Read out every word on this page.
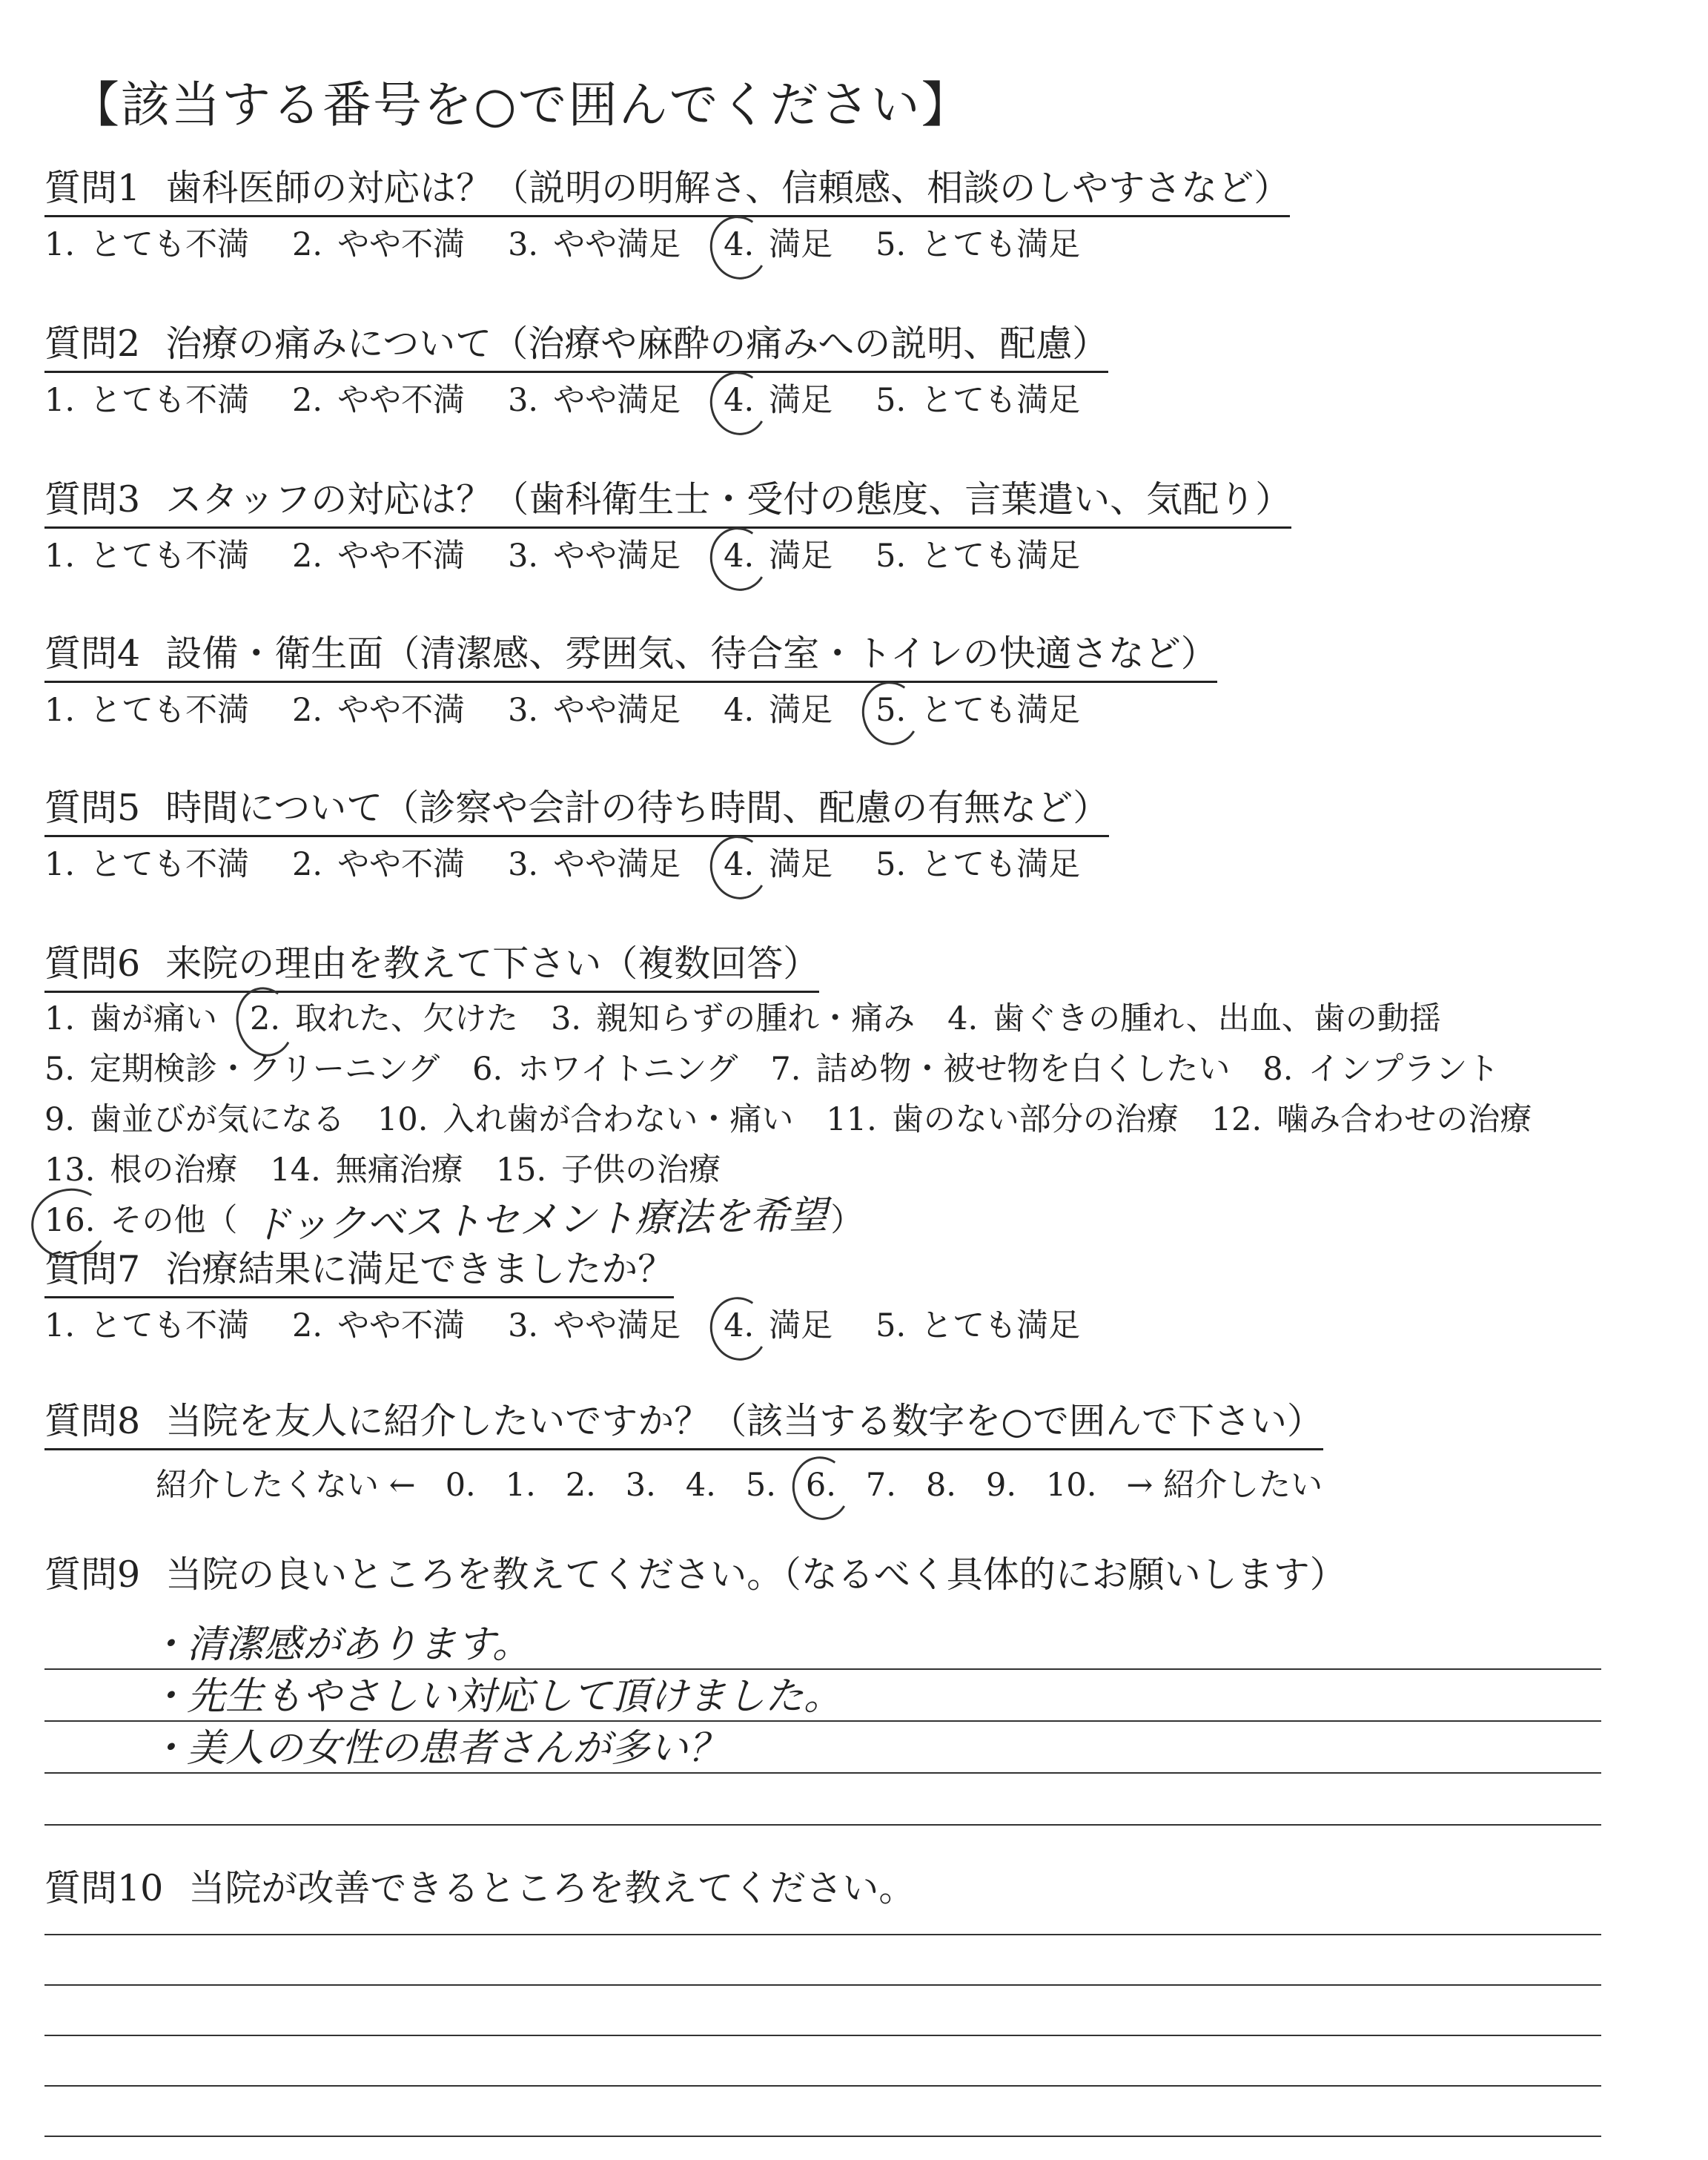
【該当する番号を○で囲んでください】
質問1 歯科医師の対応は？（説明の明解さ、信頼感、相談のしやすさなど）
1. とても不満 2. やや不満 3. やや満足 4. 満足 5. とても満足
質問2 治療の痛みについて（治療や麻酔の痛みへの説明、配慮）
1. とても不満 2. やや不満 3. やや満足 4. 満足 5. とても満足
質問3 スタッフの対応は？（歯科衛生士・受付の態度、言葉遣い、気配り）
1. とても不満 2. やや不満 3. やや満足 4. 満足 5. とても満足
質問4 設備・衛生面（清潔感、雰囲気、待合室・トイレの快適さなど）
1. とても不満 2. やや不満 3. やや満足 4. 満足 5. とても満足
質問5 時間について（診察や会計の待ち時間、配慮の有無など）
1. とても不満 2. やや不満 3. やや満足 4. 満足 5. とても満足
質問7 治療結果に満足できましたか？
1. とても不満 2. やや不満 3. やや満足 4. 満足 5. とても満足
質問6 来院の理由を教えて下さい（複数回答）
1. 歯が痛い 2. 取れた、欠けた 3. 親知らずの腫れ・痛み 4. 歯ぐきの腫れ、出血、歯の動揺
5. 定期検診・クリーニング 6. ホワイトニング 7. 詰め物・被せ物を白くしたい 8. インプラント
9. 歯並びが気になる 10. 入れ歯が合わない・痛い 11. 歯のない部分の治療 12. 噛み合わせの治療
13. 根の治療 14. 無痛治療 15. 子供の治療
16. その他 （ ドックベストセメント療法を希望 ）
質問8 当院を友人に紹介したいですか？（該当する数字を○で囲んで下さい）
紹介したくない ← 0. 1. 2. 3. 4. 5. 6. 7. 8. 9. 10. → 紹介したい
質問9 当院の良いところを教えてください。（なるべく具体的にお願いします）
・清潔感があります。
・先生もやさしい対応して頂けました。
・美人の女性の患者さんが多い？
質問10 当院が改善できるところを教えてください。
